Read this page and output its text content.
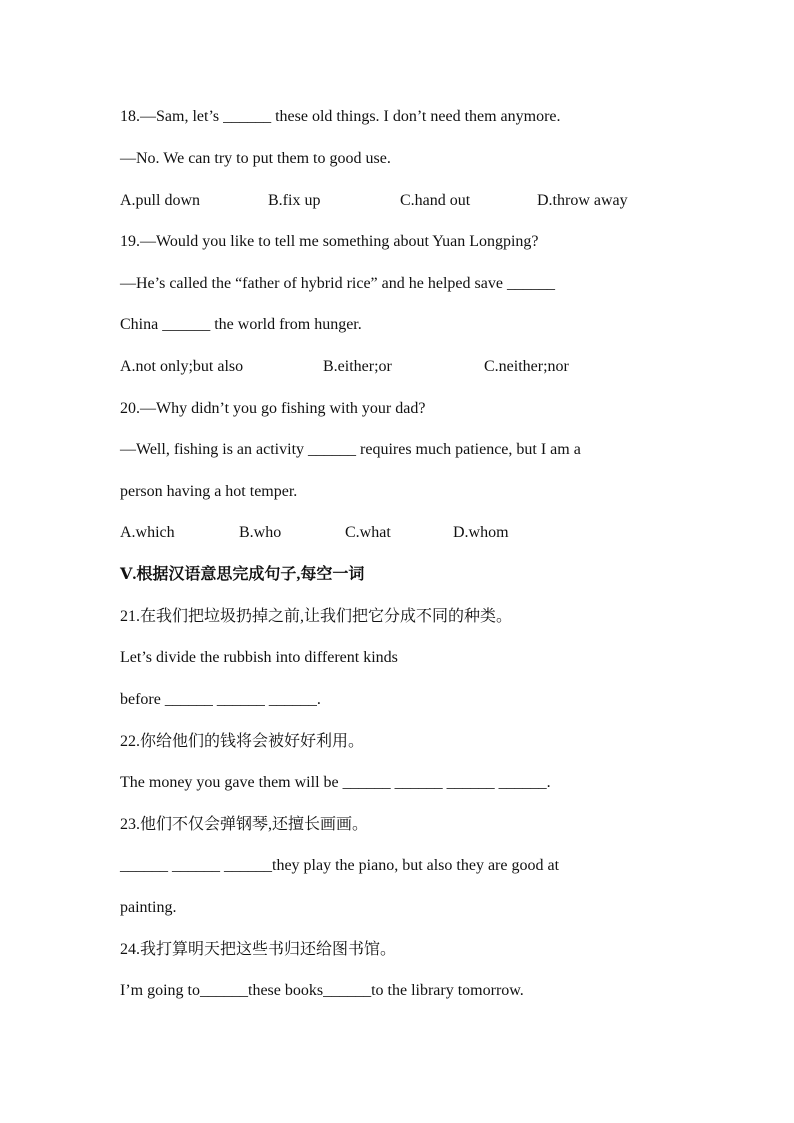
18.—Sam, let’s ______ these old things. I don’t need them anymore.
—No. We can try to put them to good use.
A.pull down	B.fix up	C.hand out	D.throw away
19.—Would you like to tell me something about Yuan Longping?
—He’s called the “father of hybrid rice” and he helped save ______
China ______ the world from hunger.
A.not only;but also	B.either;or	C.neither;nor
20.—Why didn’t you go fishing with your dad?
—Well, fishing is an activity ______ requires much patience, but I am a
person having a hot temper.
A.which	B.who	C.what	D.whom
Ⅴ.根据汉语意思完成句子,每空一词
21.在我们把垃圾扔掉之前,让我们把它分成不同的种类。
Let’s divide the rubbish into different kinds
before ______ ______ ______.
22.你给他们的钱将会被好好利用。
The money you gave them will be ______ ______ ______ ______.
23.他们不仅会弹钢琴,还擅长画画。
______ ______ ______they play the piano, but also they are good at
painting.
24.我打算明天把这些书归还给图书馆。
I’m going to______these books______to the library tomorrow.
